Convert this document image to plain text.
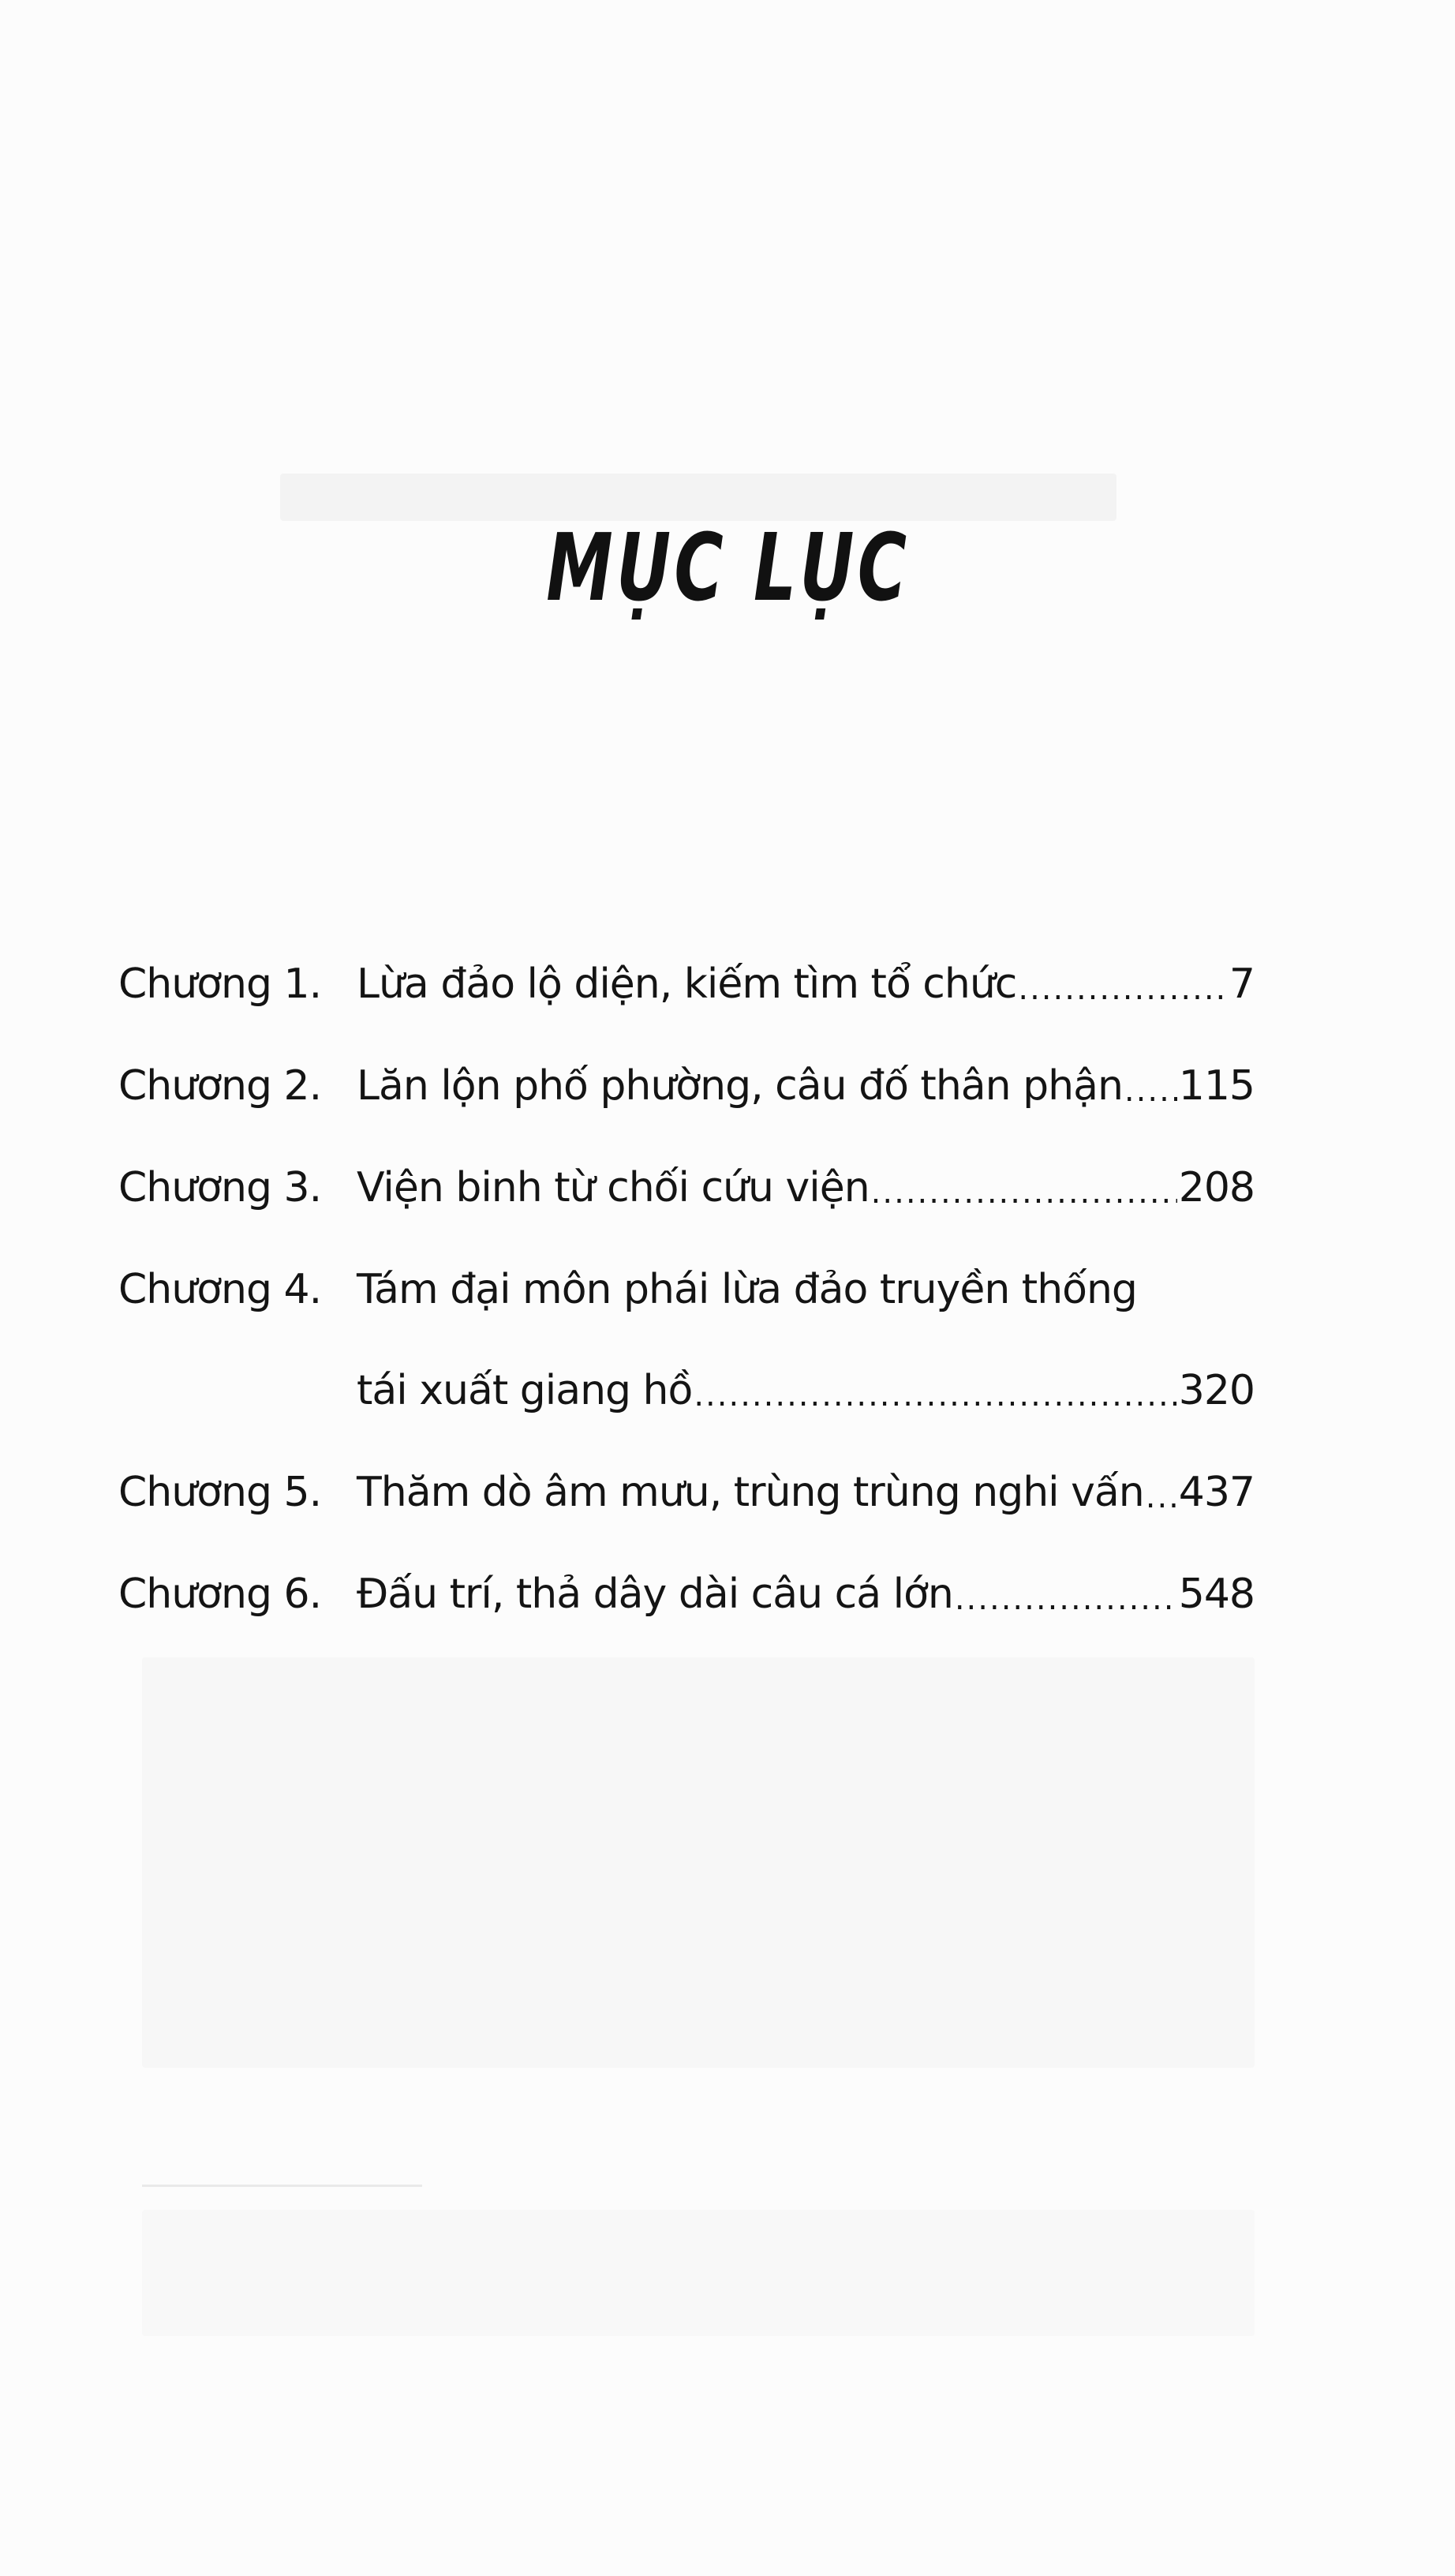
MỤC LỤC
Chương 1. Lừa đảo lộ diện, kiếm tìm tổ chức .....	7
Chương 2. Lăn lộn phố phường, câu đố thân phận ..... 115
Chương 3. Viện binh từ chối cứu viện .....	208
Chương 4. Tám đại môn phái lừa đảo truyền thống
tái xuất giang hồ .....	320
Chương 5. Thăm dò âm mưu, trùng trùng nghi vấn ..... 437
Chương 6. Đấu trí, thả dây dài câu cá lớn .....	548
